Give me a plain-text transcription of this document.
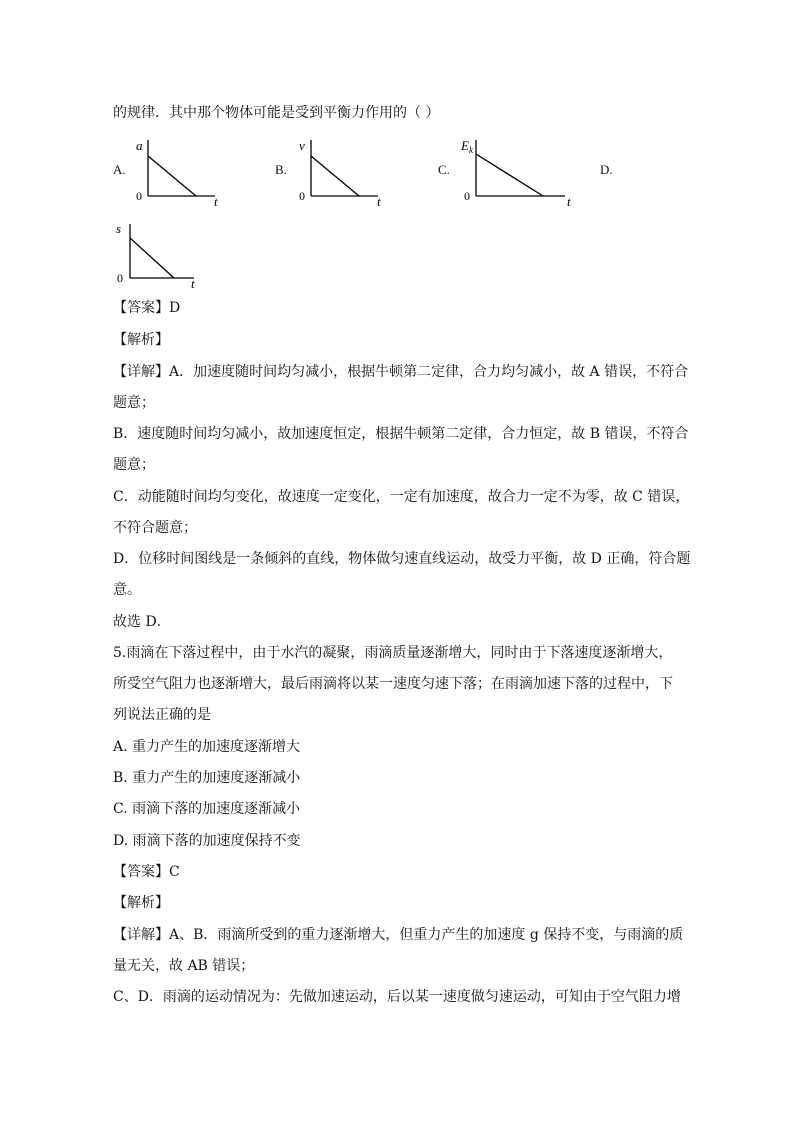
的规律．其中那个物体可能是受到平衡力作用的（ ）
A.
a
0	t
B.
v
0	t
C.
$E_k$
0	t
D.
s
0	t
【答案】D
【解析】
【详解】A．加速度随时间均匀减小，根据牛顿第二定律，合力均匀减小，故 A 错误，不符合
题意；
B．速度随时间均匀减小，故加速度恒定，根据牛顿第二定律，合力恒定，故 B 错误，不符合
题意；
C．动能随时间均匀变化，故速度一定变化，一定有加速度，故合力一定不为零，故 C 错误，
不符合题意；
D．位移时间图线是一条倾斜的直线，物体做匀速直线运动，故受力平衡，故 D 正确，符合题
意。
故选 D．
5.雨滴在下落过程中，由于水汽的凝聚，雨滴质量逐渐增大，同时由于下落速度逐渐增大，
所受空气阻力也逐渐增大，最后雨滴将以某一速度匀速下落；在雨滴加速下落的过程中，下
列说法正确的是
A. 重力产生的加速度逐渐增大
B. 重力产生的加速度逐渐减小
C. 雨滴下落的加速度逐渐减小
D. 雨滴下落的加速度保持不变
【答案】C
【解析】
【详解】A、B．雨滴所受到的重力逐渐增大，但重力产生的加速度 g 保持不变，与雨滴的质
量无关，故 AB 错误；
C、D．雨滴的运动情况为：先做加速运动，后以某一速度做匀速运动，可知由于空气阻力增
